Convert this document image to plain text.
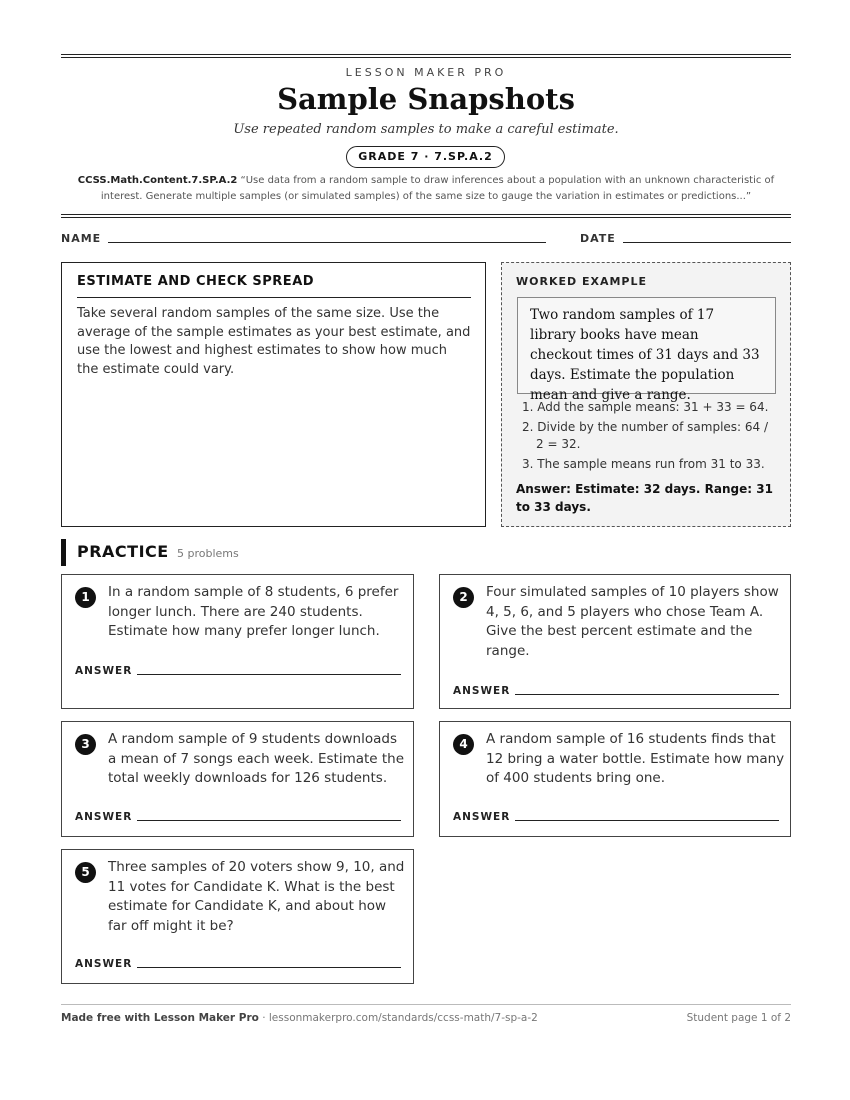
LESSON MAKER PRO
Sample Snapshots
Use repeated random samples to make a careful estimate.
GRADE 7 · 7.SP.A.2
CCSS.Math.Content.7.SP.A.2 “Use data from a random sample to draw inferences about a population with an unknown characteristic of interest. Generate multiple samples (or simulated samples) of the same size to gauge the variation in estimates or predictions...”
NAME	DATE
ESTIMATE AND CHECK SPREAD

Take several random samples of the same size. Use the average of the sample estimates as your best estimate, and use the lowest and highest estimates to show how much the estimate could vary.

WORKED EXAMPLE
Two random samples of 17 library books have mean checkout times of 31 days and 33 days. Estimate the population mean and give a range.
1. Add the sample means: 31 + 33 = 64.
2. Divide by the number of samples: 64 / 2 = 32.
3. The sample means run from 31 to 33.
Answer: Estimate: 32 days. Range: 31 to 33 days.
PRACTICE 5 problems
1	In a random sample of 8 students, 6 prefer longer lunch. There are 240 students. Estimate how many prefer longer lunch.
ANSWER
2	Four simulated samples of 10 players show 4, 5, 6, and 5 players who chose Team A. Give the best percent estimate and the range.
ANSWER
3	A random sample of 9 students downloads a mean of 7 songs each week. Estimate the total weekly downloads for 126 students.
ANSWER
4	A random sample of 16 students finds that 12 bring a water bottle. Estimate how many of 400 students bring one.
ANSWER
5	Three samples of 20 voters show 9, 10, and 11 votes for Candidate K. What is the best estimate for Candidate K, and about how far off might it be?
ANSWER
Made free with Lesson Maker Pro · lessonmakerpro.com/standards/ccss-math/7-sp-a-2	Student page 1 of 2
